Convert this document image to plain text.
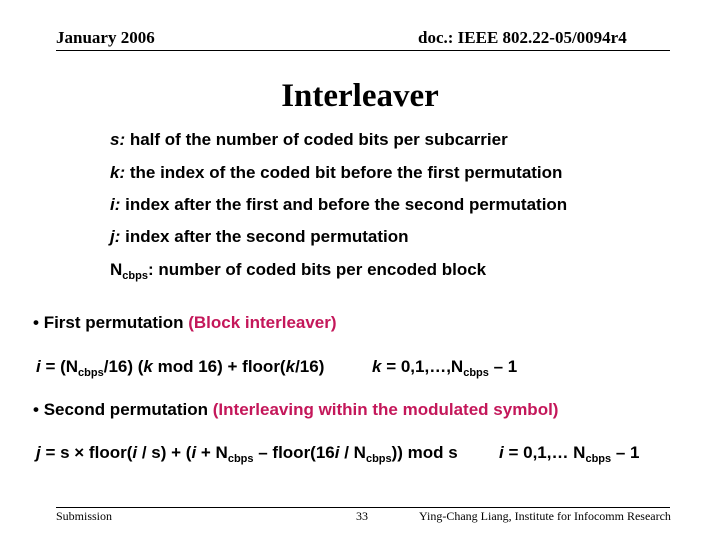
January 2006	doc.: IEEE 802.22-05/0094r4
Interleaver
s: half of the number of coded bits per subcarrier
k: the index of the coded bit before the first permutation
i: index after the first and before the second permutation
j: index after the second permutation
$N_{cbps}$: number of coded bits per encoded block
• First permutation (Block interleaver)
$i = (N_{cbps}/16)$ (k mod 16) + floor(k/16)	$k = 0,1,\dots,N_{cbps} - 1$
• Second permutation (Interleaving within the modulated symbol)
j = s × floor(i / $s) + (i + N_{cbps}$ – floor(16i / $N_{cbps}$)) mod s i = 0,1,… $N_{cbps} - 1$
Submission	33	Ying-Chang Liang, Institute for Infocomm Research
